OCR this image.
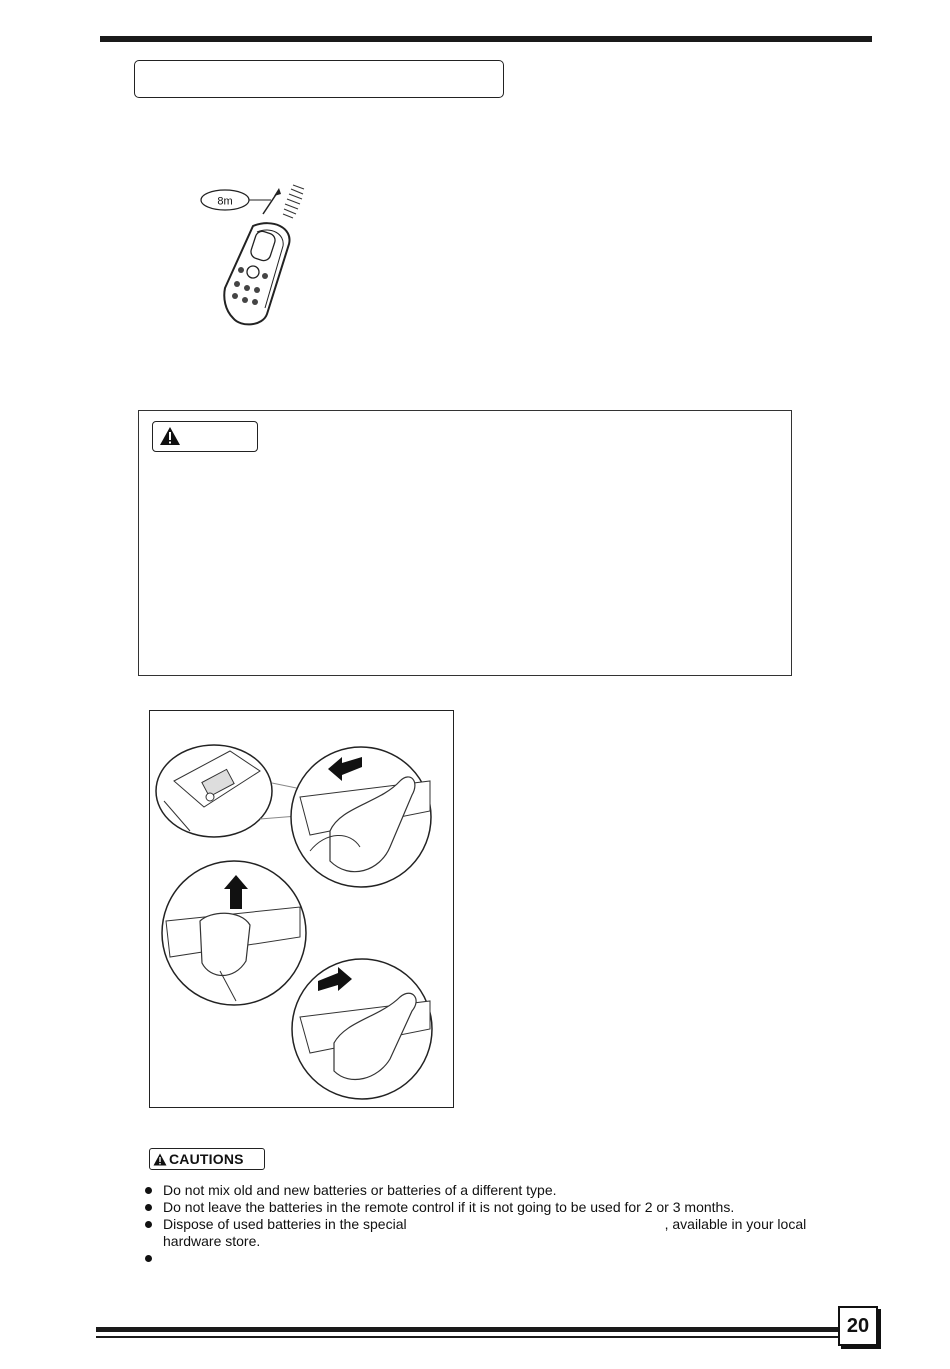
8m
CAUTIONS
Do not mix old and new batteries or batteries of a different type.
Do not leave the batteries in the remote control if it is not going to be used for 2 or 3 months.
Dispose of used batteries in the special	, available in your local hardware store.
20
